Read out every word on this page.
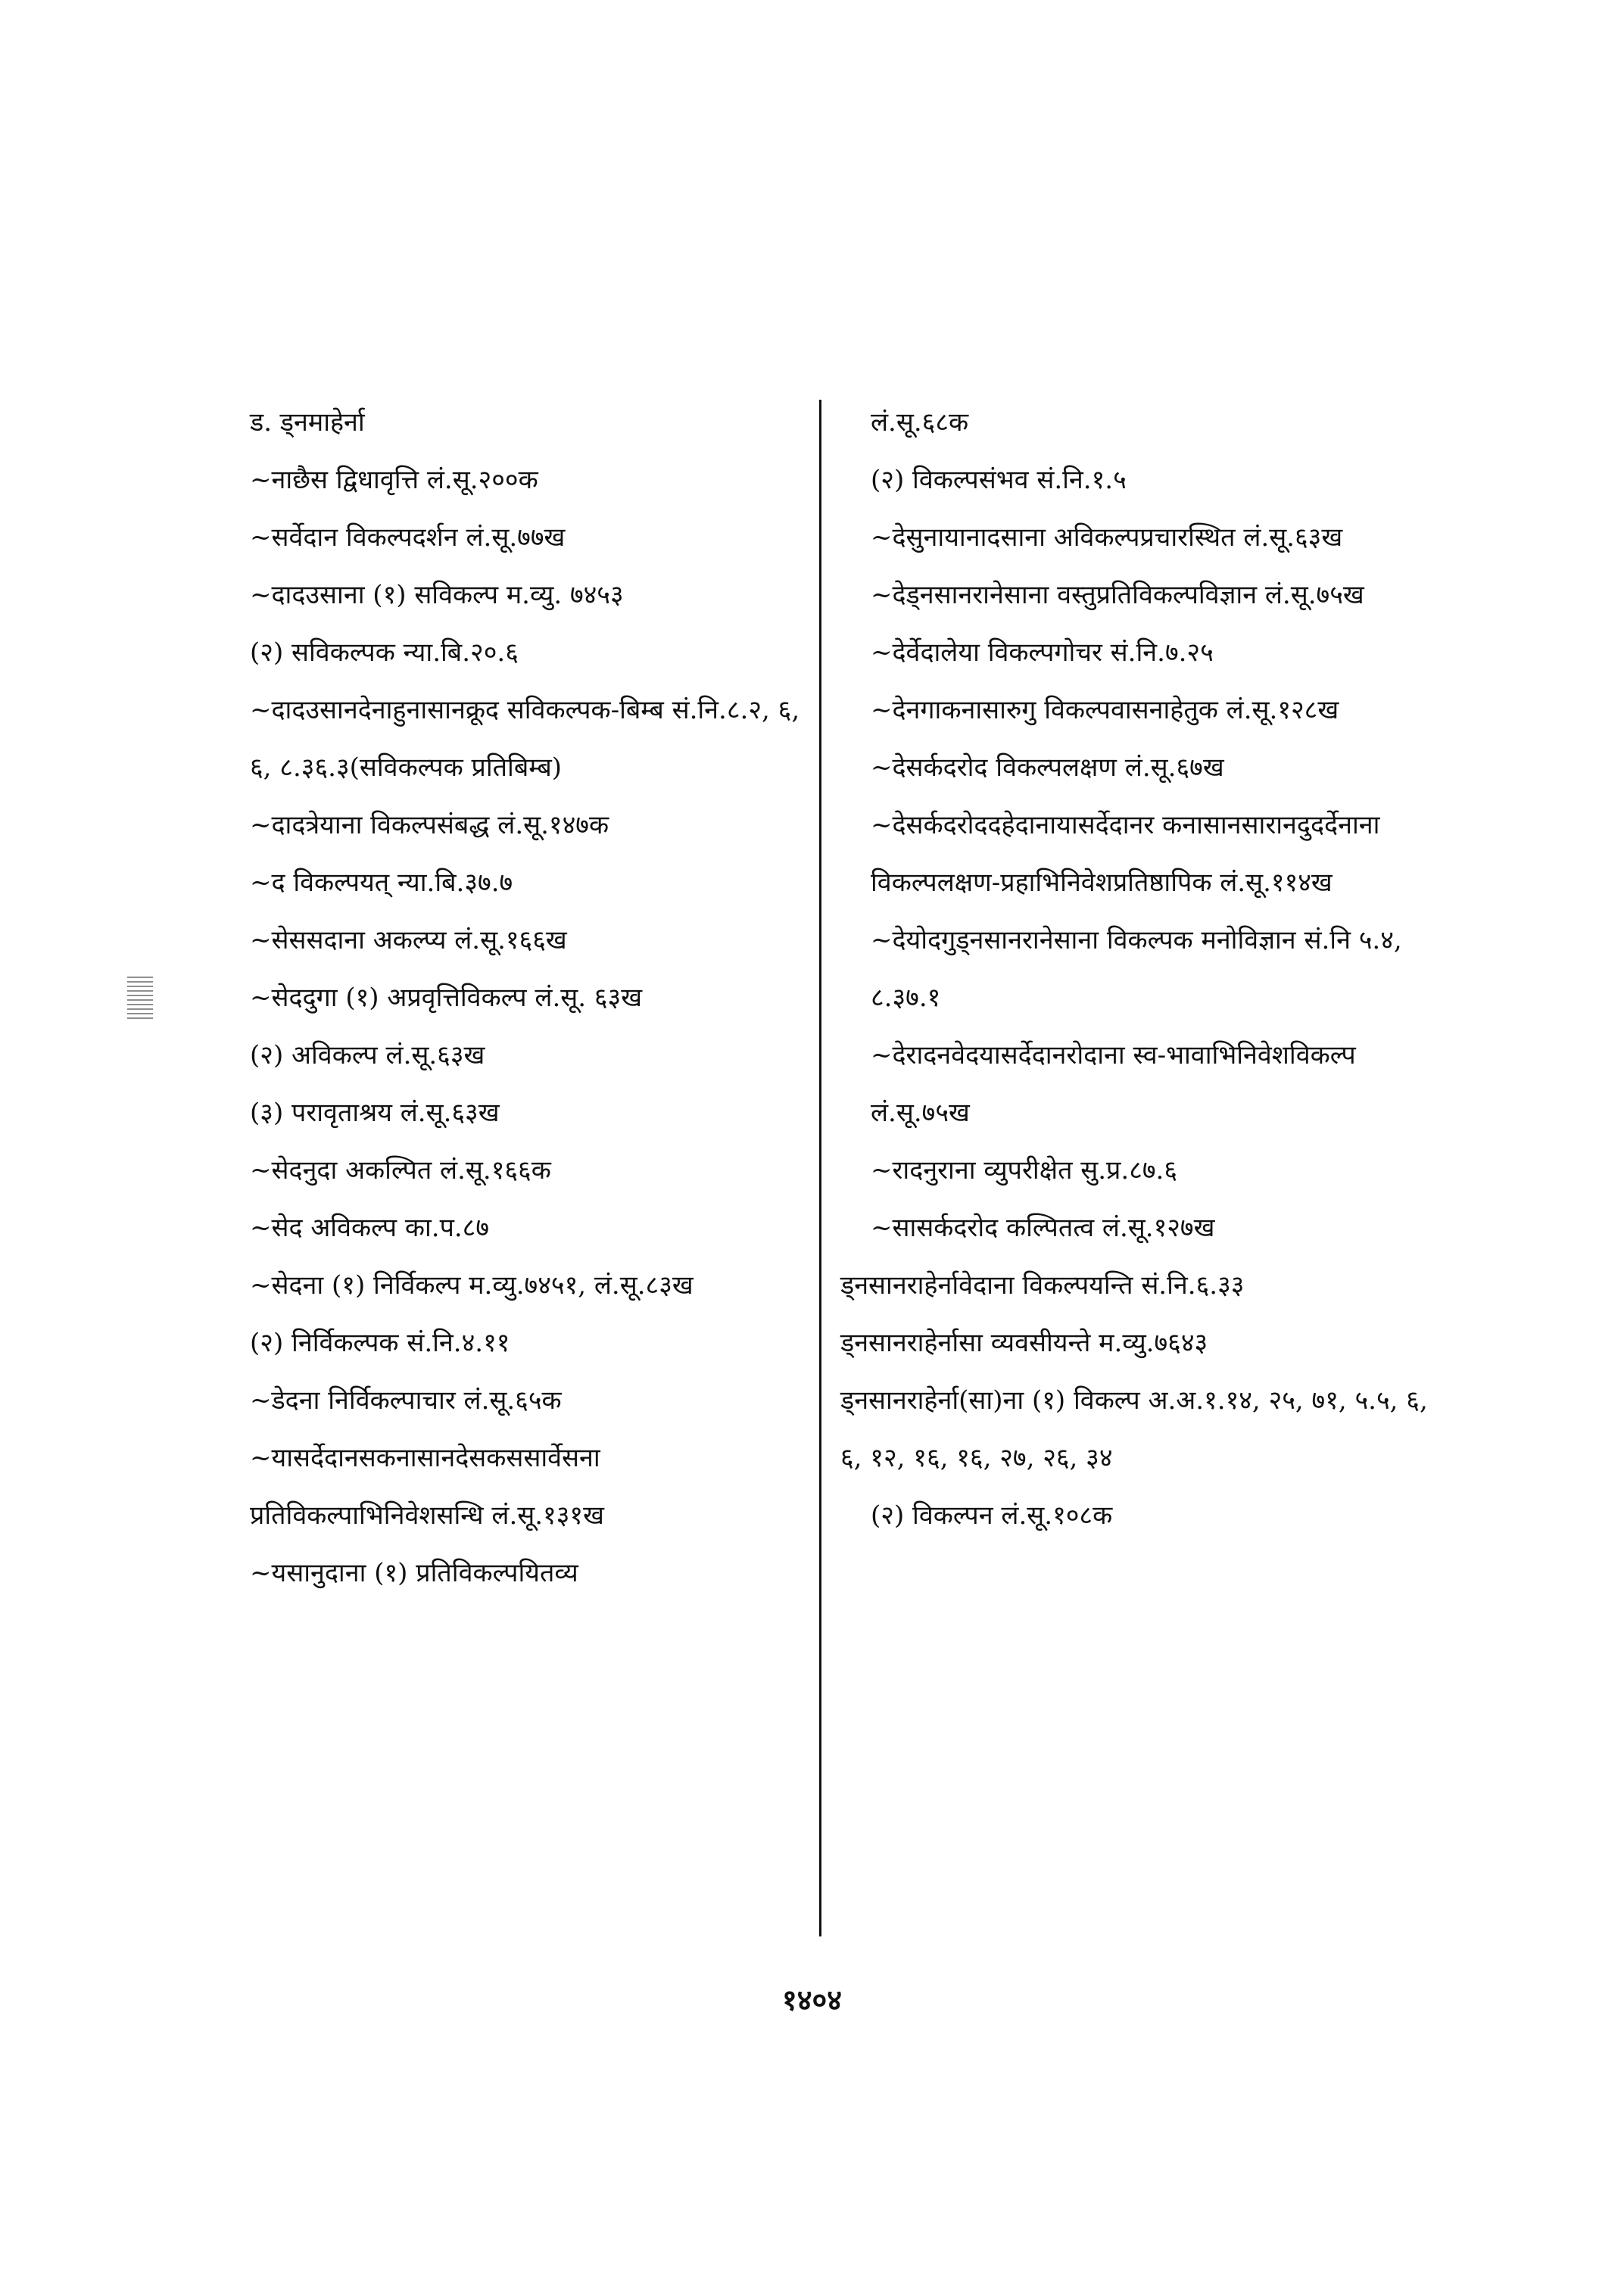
ड. ड्नमाहेर्ना
~नाछैस द्विधावृत्ति लं.सू.२००क
~सर्वेदान विकल्पदर्शन लं.सू.७७ख
~दादउसाना (१) सविकल्प म.व्यु. ७४५३
(२) सविकल्पक न्या.बि.२०.६
~दादउसानदेनाहुनासानक्रूद सविकल्पक-बिम्ब सं.नि.८.२, ६, ६, ८.३६.३(सविकल्पक प्रतिबिम्ब)
~दादत्रेयाना विकल्पसंबद्ध लं.सू.१४७क
~द विकल्पयत् न्या.बि.३७.७
~सेससदाना अकल्प्य लं.सू.१६६ख
~सेददुगा (१) अप्रवृत्तिविकल्प लं.सू. ६३ख
(२) अविकल्प लं.सू.६३ख
(३) परावृताश्रय लं.सू.६३ख
~सेदनुदा अकल्पित लं.सू.१६६क
~सेद अविकल्प का.प.८७
~सेदना (१) निर्विकल्प म.व्यु.७४५१, लं.सू.८३ख
(२) निर्विकल्पक सं.नि.४.११
~डेदना निर्विकल्पाचार लं.सू.६५क
~यासर्देदानसकनासानदेसकससार्वेसना प्रतिविकल्पाभिनिवेशसन्धि लं.सू.१३१ख
~यसानुदाना (१) प्रतिविकल्पयितव्य
लं.सू.६८क
(२) विकल्पसंभव सं.नि.१.५
~देसुनायानादसाना अविकल्पप्रचारस्थित लं.सू.६३ख
~देड्नसानरानेसाना वस्तुप्रतिविकल्पविज्ञान लं.सू.७५ख
~देर्वेदालेया विकल्पगोचर सं.नि.७.२५
~देनगाकनासारुगु विकल्पवासनाहेतुक लं.सू.१२८ख
~देसर्कदरोद विकल्पलक्षण लं.सू.६७ख
~देसर्कदरोददहेदानायासर्देदानर कनासानसारानदुदर्देनाना विकल्पलक्षण-प्रहाभिनिवेशप्रतिष्ठापिक लं.सू.११४ख
~देयोदगुड्नसानरानेसाना विकल्पक मनोविज्ञान सं.नि ५.४, ८.३७.१
~देरादनवेदयासर्देदानरोदाना स्व-भावाभिनिवेशविकल्प लं.सू.७५ख
~रादनुराना व्युपरीक्षेत सु.प्र.८७.६
~सासर्कदरोद कल्पितत्व लं.सू.१२७ख
ड्नसानराहेर्नावेदाना विकल्पयन्ति सं.नि.६.३३
ड्नसानराहेर्नासा व्यवसीयन्ते म.व्यु.७६४३
ड्नसानराहेर्ना(सा)ना (१) विकल्प अ.अ.१.१४, २५, ७१, ५.५, ६, ६, १२, १६, १६, २७, २६, ३४
(२) विकल्पन लं.सू.१०८क
१४०४
